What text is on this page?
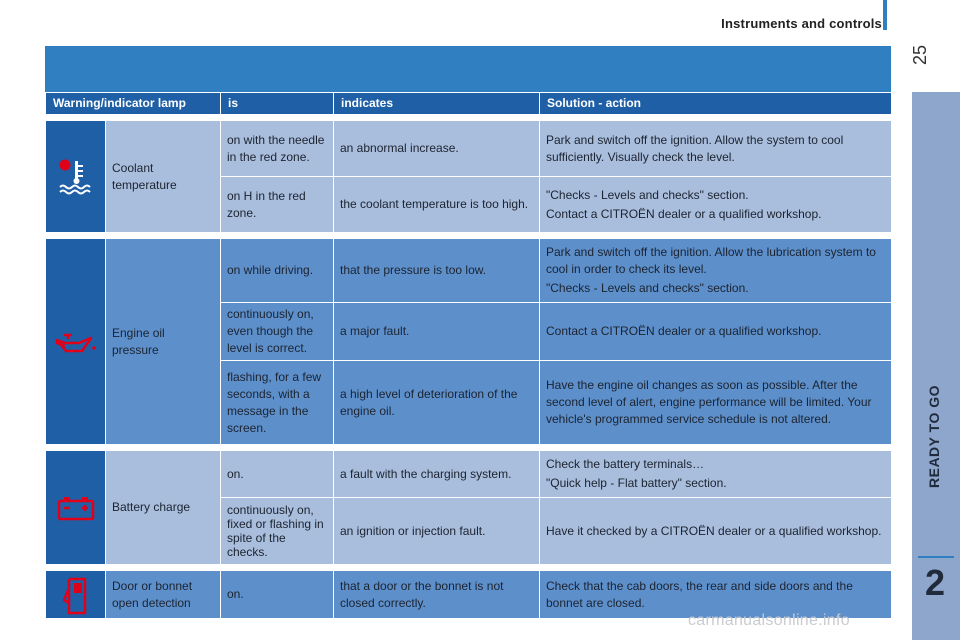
Instruments and controls
25
READY TO GO
2
Warning/indicator lamp		is	indicates	Solution - action

	Coolant temperature	on with the needle in the red zone.	an abnormal increase.	Park and switch off the ignition. Allow the system to cool sufficiently. Visually check the level.

		on H in the red zone.	the coolant temperature is too high.	"Checks - Levels and checks" section.
Contact a CITROËN dealer or a qualified workshop.

	Engine oil pressure	on while driving.	that the pressure is too low.	Park and switch off the ignition. Allow the lubrication system to cool in order to check its level.
"Checks - Levels and checks" section.

		continuously on, even though the level is correct.	a major fault.	Contact a CITROËN dealer or a qualified workshop.

		flashing, for a few seconds, with a message in the screen.	a high level of deterioration of the engine oil.	Have the engine oil changes as soon as possible. After the second level of alert, engine performance will be limited. Your vehicle's programmed service schedule is not altered.

	Battery charge	on.	a fault with the charging system.	Check the battery terminals…
"Quick help - Flat battery" section.

		continuously on, fixed or flashing in spite of the checks.	an ignition or injection fault.	Have it checked by a CITROËN dealer or a qualified workshop.

	Door or bonnet open detection	on.	that a door or the bonnet is not closed correctly.	Check that the cab doors, the rear and side doors and the bonnet are closed.
carmanualsonline.info
